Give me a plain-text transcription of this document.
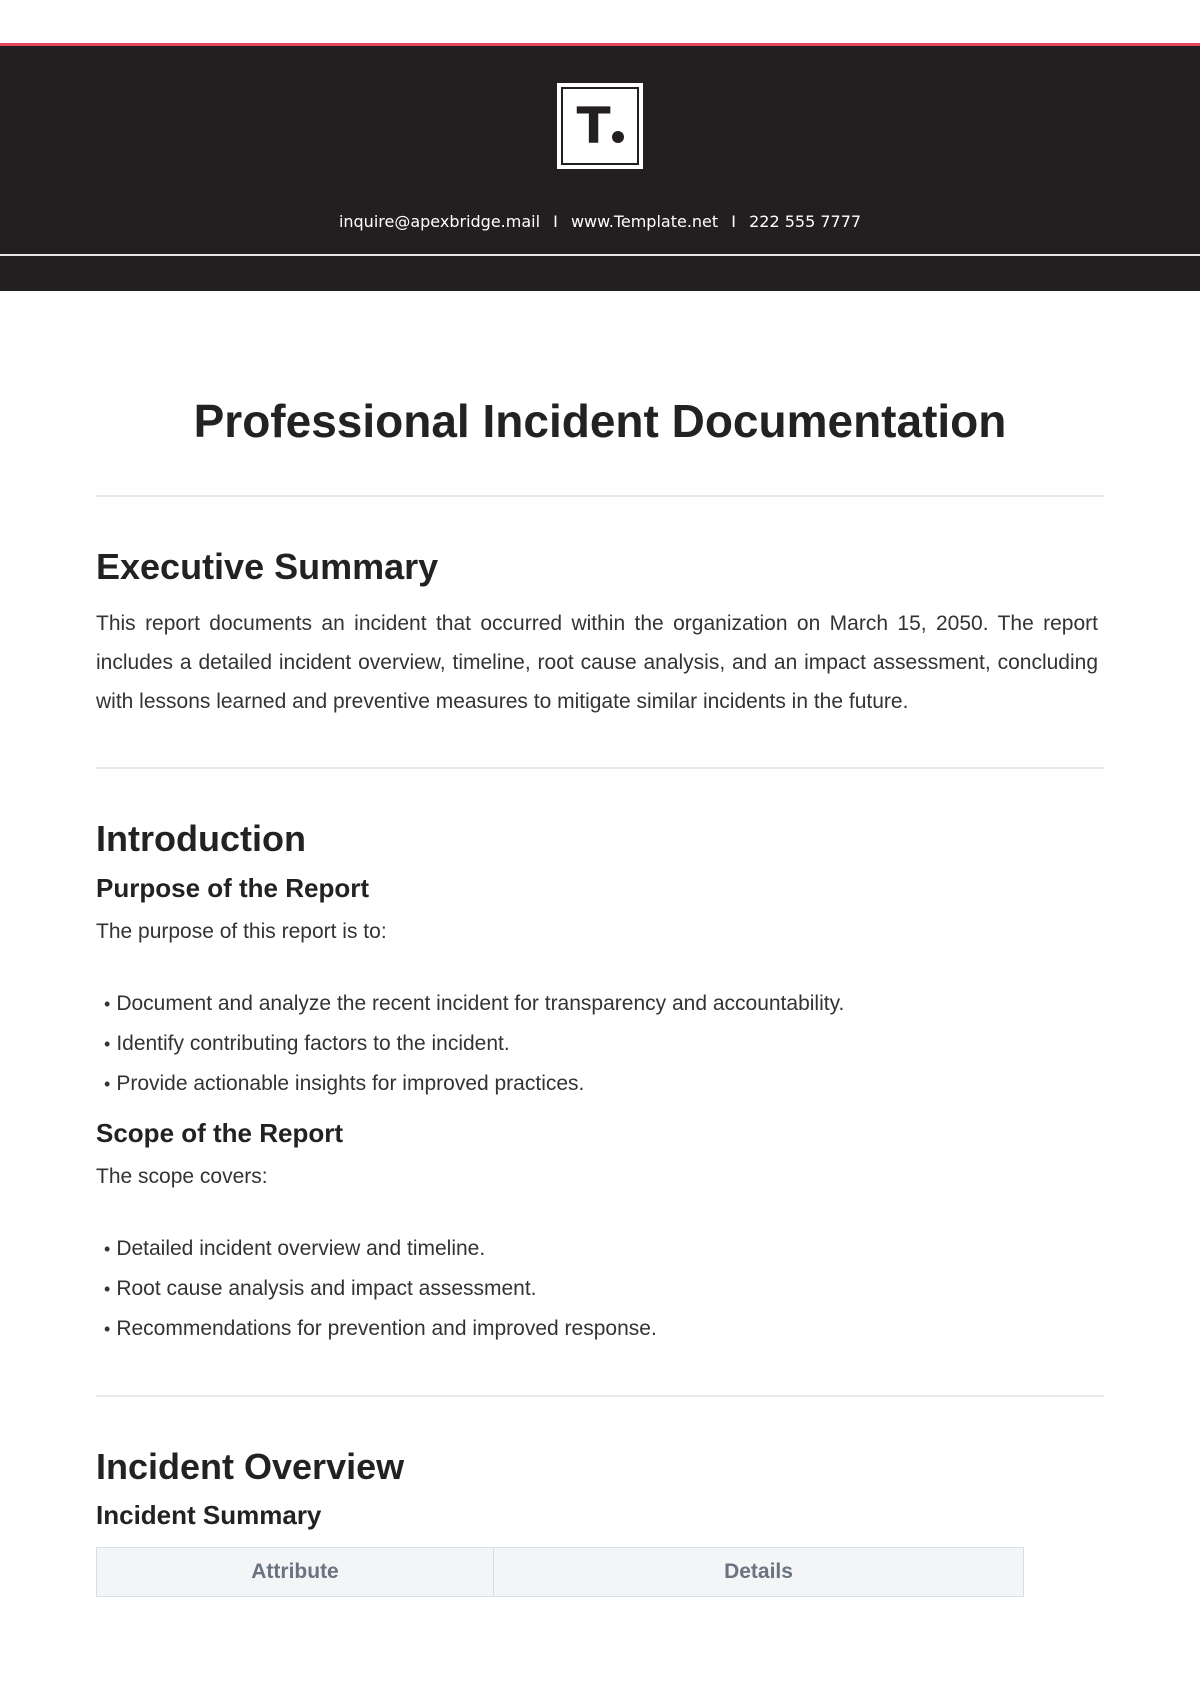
T
inquire@apexbridge.mail I www.Template.net I 222 555 7777
Professional Incident Documentation
Executive Summary

This report documents an incident that occurred within the organization on March 15, 2050. The report includes a detailed incident overview, timeline, root cause analysis, and an impact assessment, concluding with lessons learned and preventive measures to mitigate similar incidents in the future.

Introduction
Purpose of the Report

The purpose of this report is to:

• Document and analyze the recent incident for transparency and accountability.
• Identify contributing factors to the incident.
• Provide actionable insights for improved practices.
Scope of the Report

The scope covers:

• Detailed incident overview and timeline.
• Root cause analysis and impact assessment.
• Recommendations for prevention and improved response.
Incident Overview
Incident Summary
Attribute	Details
